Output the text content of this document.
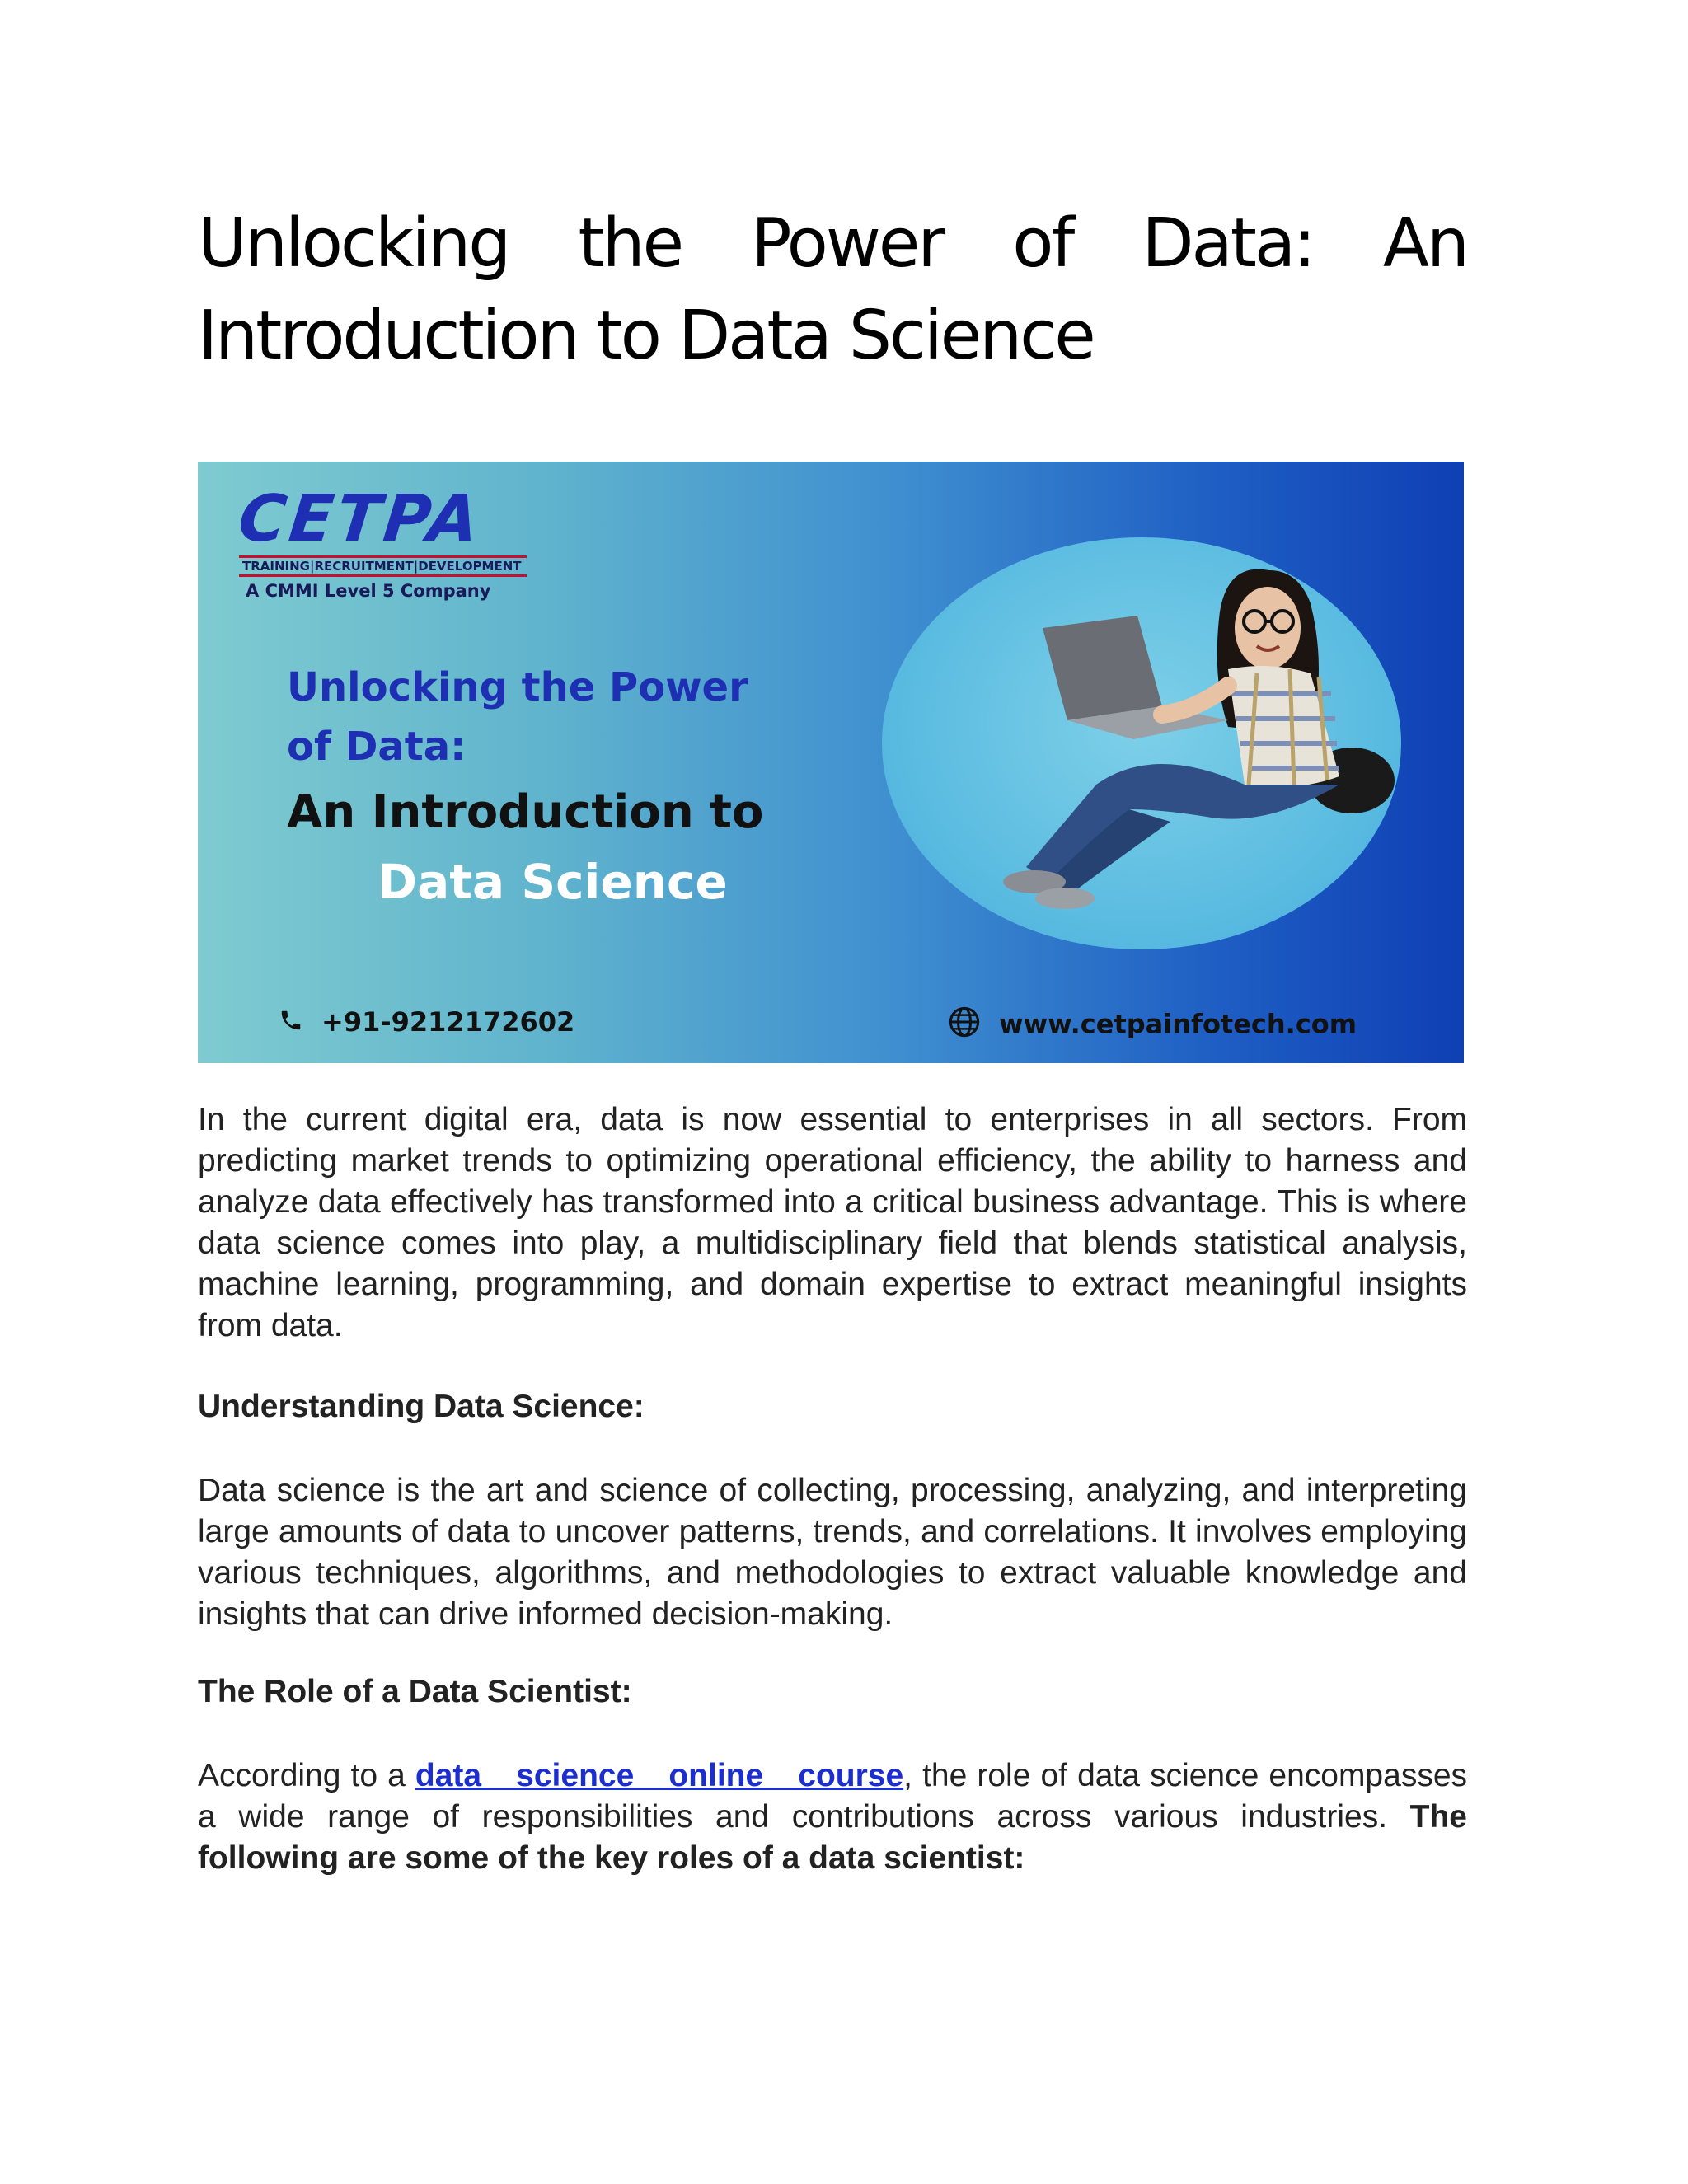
Unlocking the Power of Data: An
Introduction to Data Science
CETPA
TRAINING|RECRUITMENT|DEVELOPMENT
A CMMI Level 5 Company
Unlocking the Power
of Data:
An Introduction to
Data Science
+91-9212172602	www.cetpainfotech.com

In the current digital era, data is now essential to enterprises in all sectors. From predicting market trends to optimizing operational efficiency, the ability to harness and analyze data effectively has transformed into a critical business advantage. This is where data science comes into play, a multidisciplinary field that blends statistical analysis, machine learning, programming, and domain expertise to extract meaningful insights from data.

Understanding Data Science:

Data science is the art and science of collecting, processing, analyzing, and interpreting large amounts of data to uncover patterns, trends, and correlations. It involves employing various techniques, algorithms, and methodologies to extract valuable knowledge and insights that can drive informed decision-making.

The Role of a Data Scientist:

According to a data science online course, the role of data science encompasses a wide range of responsibilities and contributions across various industries. The following are some of the key roles of a data scientist:
